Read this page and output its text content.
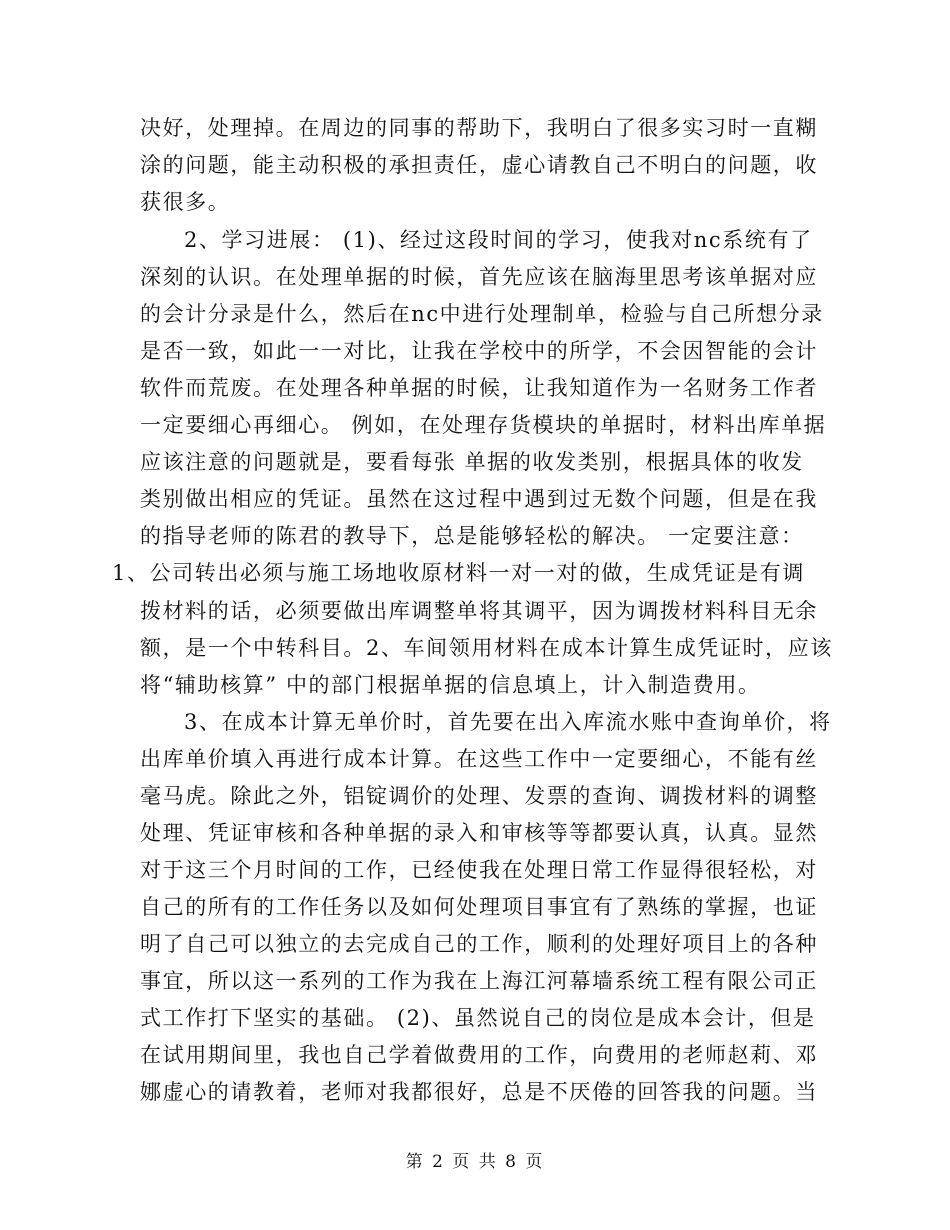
决好，处理掉。在周边的同事的帮助下，我明白了很多实习时一直糊
涂的问题，能主动积极的承担责任，虚心请教自己不明白的问题，收
获很多。
2、学习进展： (1)、经过这段时间的学习，使我对nc系统有了
深刻的认识。在处理单据的时候，首先应该在脑海里思考该单据对应
的会计分录是什么，然后在nc中进行处理制单，检验与自己所想分录
是否一致，如此一一对比，让我在学校中的所学，不会因智能的会计
软件而荒废。在处理各种单据的时候，让我知道作为一名财务工作者
一定要细心再细心。 例如，在处理存货模块的单据时，材料出库单据
应该注意的问题就是，要看每张 单据的收发类别，根据具体的收发
类别做出相应的凭证。虽然在这过程中遇到过无数个问题，但是在我
的指导老师的陈君的教导下，总是能够轻松的解决。 一定要注意：
1、公司转出必须与施工场地收原材料一对一对的做，生成凭证是有调
拨材料的话，必须要做出库调整单将其调平，因为调拨材料科目无余
额，是一个中转科目。2、车间领用材料在成本计算生成凭证时，应该
将“辅助核算” 中的部门根据单据的信息填上，计入制造费用。
3、在成本计算无单价时，首先要在出入库流水账中查询单价，将
出库单价填入再进行成本计算。在这些工作中一定要细心，不能有丝
毫马虎。除此之外，铝锭调价的处理、发票的查询、调拨材料的调整
处理、凭证审核和各种单据的录入和审核等等都要认真，认真。显然
对于这三个月时间的工作，已经使我在处理日常工作显得很轻松，对
自己的所有的工作任务以及如何处理项目事宜有了熟练的掌握，也证
明了自己可以独立的去完成自己的工作，顺利的处理好项目上的各种
事宜，所以这一系列的工作为我在上海江河幕墙系统工程有限公司正
式工作打下坚实的基础。 (2)、虽然说自己的岗位是成本会计，但是
在试用期间里，我也自己学着做费用的工作，向费用的老师赵莉、邓
娜虚心的请教着，老师对我都很好，总是不厌倦的回答我的问题。当
第 2 页 共 8 页
